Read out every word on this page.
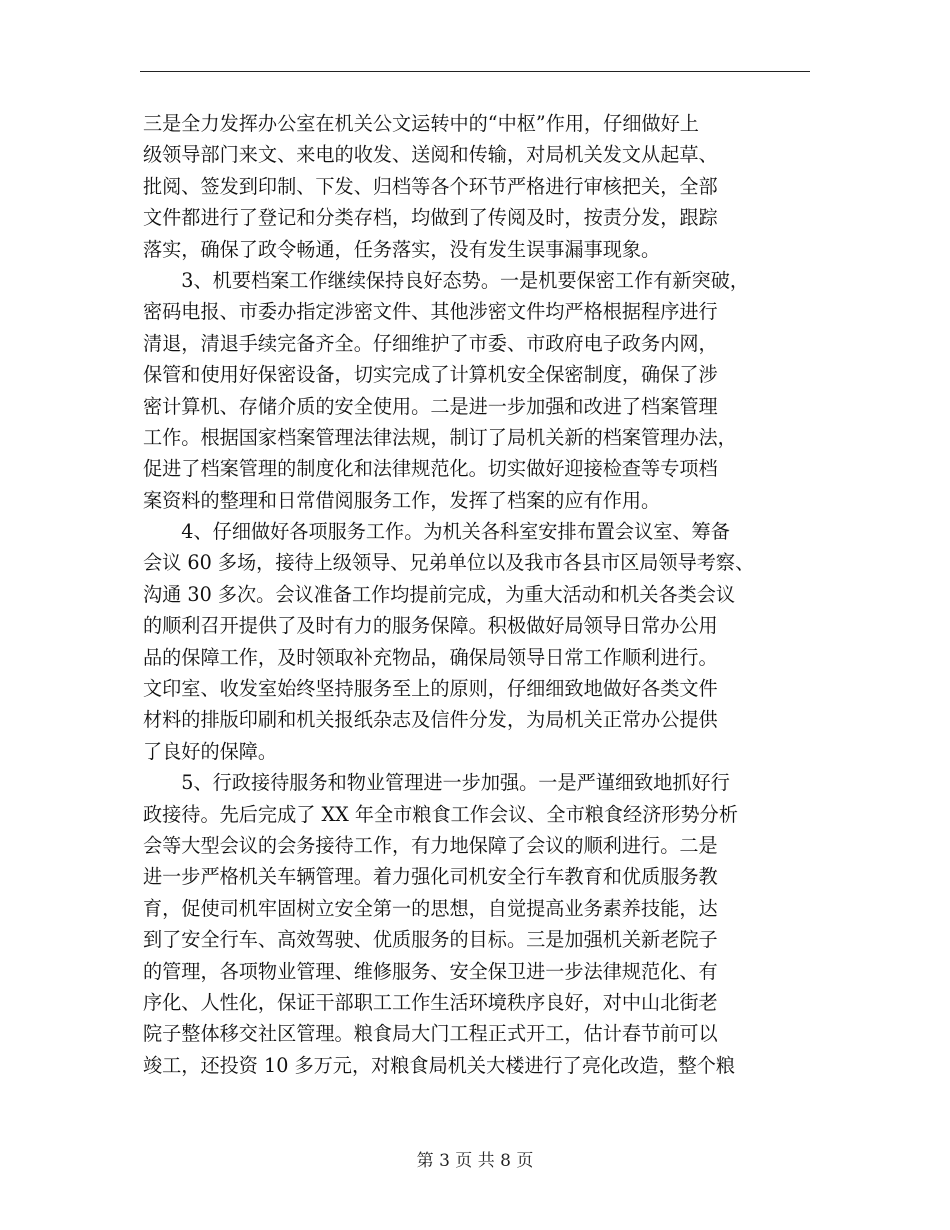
三是全力发挥办公室在机关公文运转中的“中枢”作用，仔细做好上
级领导部门来文、来电的收发、送阅和传输，对局机关发文从起草、
批阅、签发到印制、下发、归档等各个环节严格进行审核把关，全部
文件都进行了登记和分类存档，均做到了传阅及时，按责分发，跟踪
落实，确保了政令畅通，任务落实，没有发生误事漏事现象。
　　3、机要档案工作继续保持良好态势。一是机要保密工作有新突破，
密码电报、市委办指定涉密文件、其他涉密文件均严格根据程序进行
清退，清退手续完备齐全。仔细维护了市委、市政府电子政务内网，
保管和使用好保密设备，切实完成了计算机安全保密制度，确保了涉
密计算机、存储介质的安全使用。二是进一步加强和改进了档案管理
工作。根据国家档案管理法律法规，制订了局机关新的档案管理办法，
促进了档案管理的制度化和法律规范化。切实做好迎接检查等专项档
案资料的整理和日常借阅服务工作，发挥了档案的应有作用。
　　4、仔细做好各项服务工作。为机关各科室安排布置会议室、筹备
会议 60 多场，接待上级领导、兄弟单位以及我市各县市区局领导考察、
沟通 30 多次。会议准备工作均提前完成，为重大活动和机关各类会议
的顺利召开提供了及时有力的服务保障。积极做好局领导日常办公用
品的保障工作，及时领取补充物品，确保局领导日常工作顺利进行。
文印室、收发室始终坚持服务至上的原则，仔细细致地做好各类文件
材料的排版印刷和机关报纸杂志及信件分发，为局机关正常办公提供
了良好的保障。
　　5、行政接待服务和物业管理进一步加强。一是严谨细致地抓好行
政接待。先后完成了 XX 年全市粮食工作会议、全市粮食经济形势分析
会等大型会议的会务接待工作，有力地保障了会议的顺利进行。二是
进一步严格机关车辆管理。着力强化司机安全行车教育和优质服务教
育，促使司机牢固树立安全第一的思想，自觉提高业务素养技能，达
到了安全行车、高效驾驶、优质服务的目标。三是加强机关新老院子
的管理，各项物业管理、维修服务、安全保卫进一步法律规范化、有
序化、人性化，保证干部职工工作生活环境秩序良好，对中山北街老
院子整体移交社区管理。粮食局大门工程正式开工，估计春节前可以
竣工，还投资 10 多万元，对粮食局机关大楼进行了亮化改造，整个粮
第 3 页 共 8 页
